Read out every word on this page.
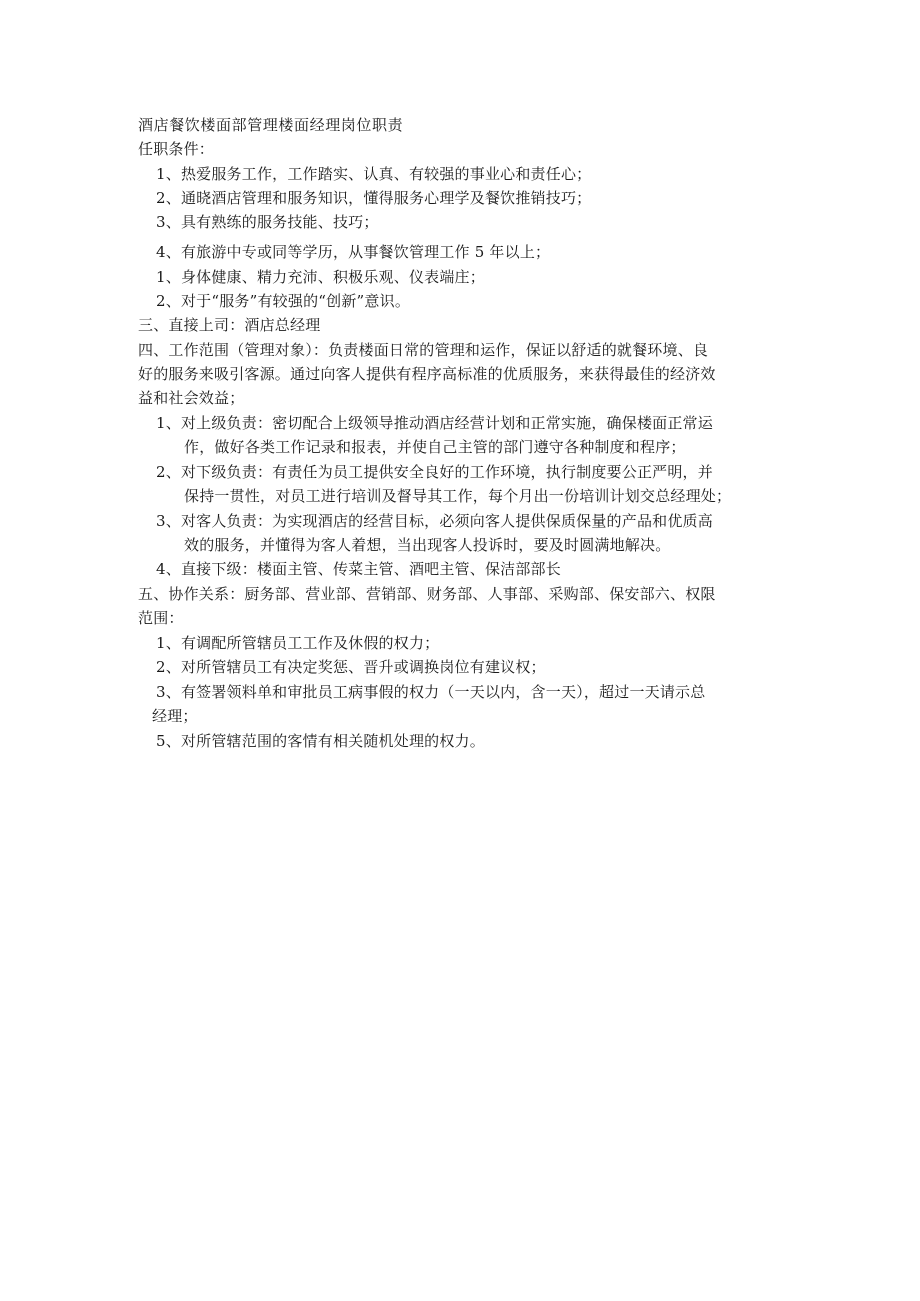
酒店餐饮楼面部管理楼面经理岗位职责
任职条件：
1、热爱服务工作，工作踏实、认真、有较强的事业心和责任心；
2、通晓酒店管理和服务知识，懂得服务心理学及餐饮推销技巧；
3、具有熟练的服务技能、技巧；
4、有旅游中专或同等学历，从事餐饮管理工作 5 年以上；
1、身体健康、精力充沛、积极乐观、仪表端庄；
2、对于“服务”有较强的“创新”意识。
三、直接上司：酒店总经理
四、工作范围（管理对象）：负责楼面日常的管理和运作，保证以舒适的就餐环境、良
好的服务来吸引客源。通过向客人提供有程序高标准的优质服务，来获得最佳的经济效
益和社会效益；
1、对上级负责：密切配合上级领导推动酒店经营计划和正常实施，确保楼面正常运
作，做好各类工作记录和报表，并使自己主管的部门遵守各种制度和程序；
2、对下级负责：有责任为员工提供安全良好的工作环境，执行制度要公正严明，并
保持一贯性，对员工进行培训及督导其工作，每个月出一份培训计划交总经理处；
3、对客人负责：为实现酒店的经营目标，必须向客人提供保质保量的产品和优质高
效的服务，并懂得为客人着想，当出现客人投诉时，要及时圆满地解决。
4、直接下级：楼面主管、传菜主管、酒吧主管、保洁部部长
五、协作关系：厨务部、营业部、营销部、财务部、人事部、采购部、保安部六、权限
范围：
1、有调配所管辖员工工作及休假的权力；
2、对所管辖员工有决定奖惩、晋升或调换岗位有建议权；
3、有签署领料单和审批员工病事假的权力（一天以内，含一天），超过一天请示总
经理；
5、对所管辖范围的客情有相关随机处理的权力。
